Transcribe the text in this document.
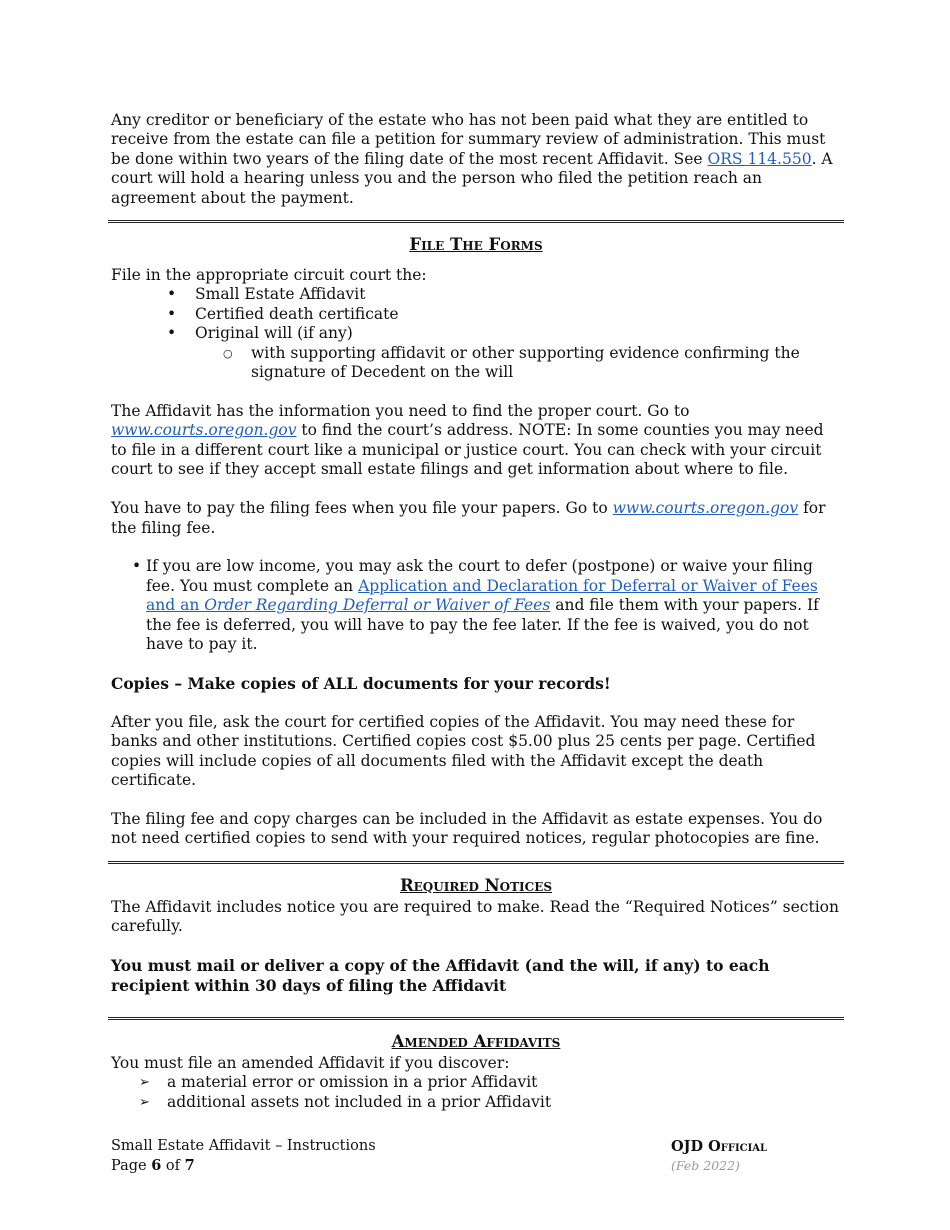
Any creditor or beneficiary of the estate who has not been paid what they are entitled to receive from the estate can file a petition for summary review of administration. This must be done within two years of the filing date of the most recent Affidavit. See ORS 114.550. A court will hold a hearing unless you and the person who filed the petition reach an agreement about the payment.

File The Forms

File in the appropriate circuit court the:

• Small Estate Affidavit
• Certified death certificate
• Original will (if any)
○ with supporting affidavit or other supporting evidence confirming the signature of Decedent on the will

The Affidavit has the information you need to find the proper court. Go to www.courts.oregon.gov to find the court’s address. NOTE: In some counties you may need to file in a different court like a municipal or justice court. You can check with your circuit court to see if they accept small estate filings and get information about where to file.

You have to pay the filing fees when you file your papers. Go to www.courts.oregon.gov for the filing fee.

• If you are low income, you may ask the court to defer (postpone) or waive your filing fee. You must complete an Application and Declaration for Deferral or Waiver of Fees and an Order Regarding Deferral or Waiver of Fees and file them with your papers. If the fee is deferred, you will have to pay the fee later. If the fee is waived, you do not have to pay it.

Copies – Make copies of ALL documents for your records!

After you file, ask the court for certified copies of the Affidavit. You may need these for banks and other institutions. Certified copies cost $5.00 plus 25 cents per page. Certified copies will include copies of all documents filed with the Affidavit except the death certificate.

The filing fee and copy charges can be included in the Affidavit as estate expenses. You do not need certified copies to send with your required notices, regular photocopies are fine.

Required Notices

The Affidavit includes notice you are required to make. Read the “Required Notices” section carefully.

You must mail or deliver a copy of the Affidavit (and the will, if any) to each recipient within 30 days of filing the Affidavit

Amended Affidavits

You must file an amended Affidavit if you discover:

➢ a material error or omission in a prior Affidavit
➢ additional assets not included in a prior Affidavit
Small Estate Affidavit – Instructions
Page 6 of 7
OJD Official
(Feb 2022)
